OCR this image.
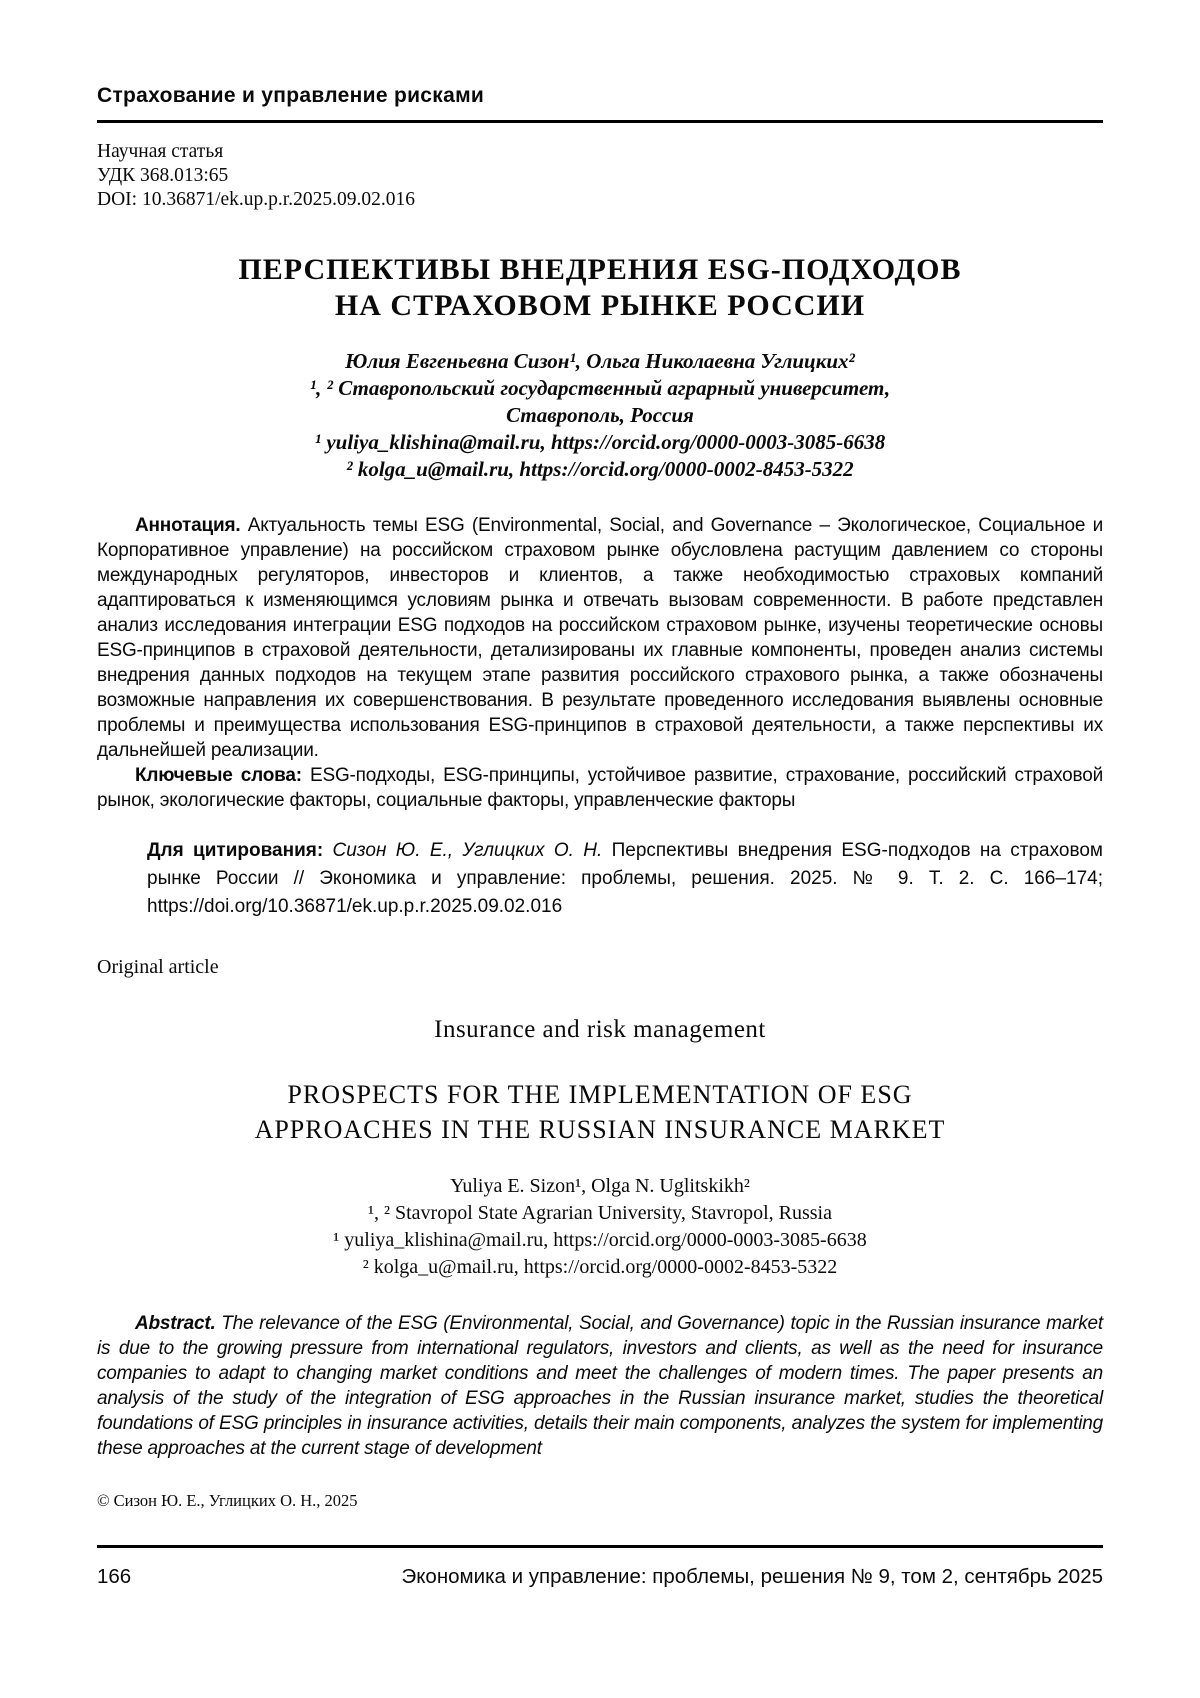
Страхование и управление рисками
Научная статья
УДК 368.013:65
DOI: 10.36871/ek.up.p.r.2025.09.02.016
ПЕРСПЕКТИВЫ ВНЕДРЕНИЯ ESG-ПОДХОДОВ
НА СТРАХОВОМ РЫНКЕ РОССИИ
Юлия Евгеньевна Сизон¹, Ольга Николаевна Углицких²
¹, ² Ставропольский государственный аграрный университет,
Ставрополь, Россия
¹ yuliya_klishina@mail.ru, https://orcid.org/0000-0003-3085-6638
² kolga_u@mail.ru, https://orcid.org/0000-0002-8453-5322

Аннотация. Актуальность темы ESG (Environmental, Social, and Governance – Экологическое, Социальное и Корпоративное управление) на российском страховом рынке обусловлена растущим давлением со стороны международных регуляторов, инвесторов и клиентов, а также необходимостью страховых компаний адаптироваться к изменяющимся условиям рынка и отвечать вызовам современности. В работе представлен анализ исследования интеграции ESG подходов на российском страховом рынке, изучены теоретические основы ESG-принципов в страховой деятельности, детализированы их главные компоненты, проведен анализ системы внедрения данных подходов на текущем этапе развития российского страхового рынка, а также обозначены возможные направления их совершенствования. В результате проведенного исследования выявлены основные проблемы и преимущества использования ESG-принципов в страховой деятельности, а также перспективы их дальнейшей реализации.

Ключевые слова: ESG-подходы, ESG-принципы, устойчивое развитие, страхование, российский страховой рынок, экологические факторы, социальные факторы, управленческие факторы

Для цитирования: Сизон Ю. Е., Углицких О. Н. Перспективы внедрения ESG-подходов на страховом рынке России // Экономика и управление: проблемы, решения. 2025. № 9. Т. 2. С. 166–174; https://doi.org/10.36871/ek.up.p.r.2025.09.02.016
Original article
Insurance and risk management
PROSPECTS FOR THE IMPLEMENTATION OF ESG
APPROACHES IN THE RUSSIAN INSURANCE MARKET
Yuliya E. Sizon¹, Olga N. Uglitskikh²
¹, ² Stavropol State Agrarian University, Stavropol, Russia
¹ yuliya_klishina@mail.ru, https://orcid.org/0000-0003-3085-6638
² kolga_u@mail.ru, https://orcid.org/0000-0002-8453-5322

Abstract. The relevance of the ESG (Environmental, Social, and Governance) topic in the Russian insurance market is due to the growing pressure from international regulators, investors and clients, as well as the need for insurance companies to adapt to changing market conditions and meet the challenges of modern times. The paper presents an analysis of the study of the integration of ESG approaches in the Russian insurance market, studies the theoretical foundations of ESG principles in insurance activities, details their main components, analyzes the system for implementing these approaches at the current stage of development

© Сизон Ю. Е., Углицких О. Н., 2025
166	Экономика и управление: проблемы, решения № 9, том 2, сентябрь 2025
